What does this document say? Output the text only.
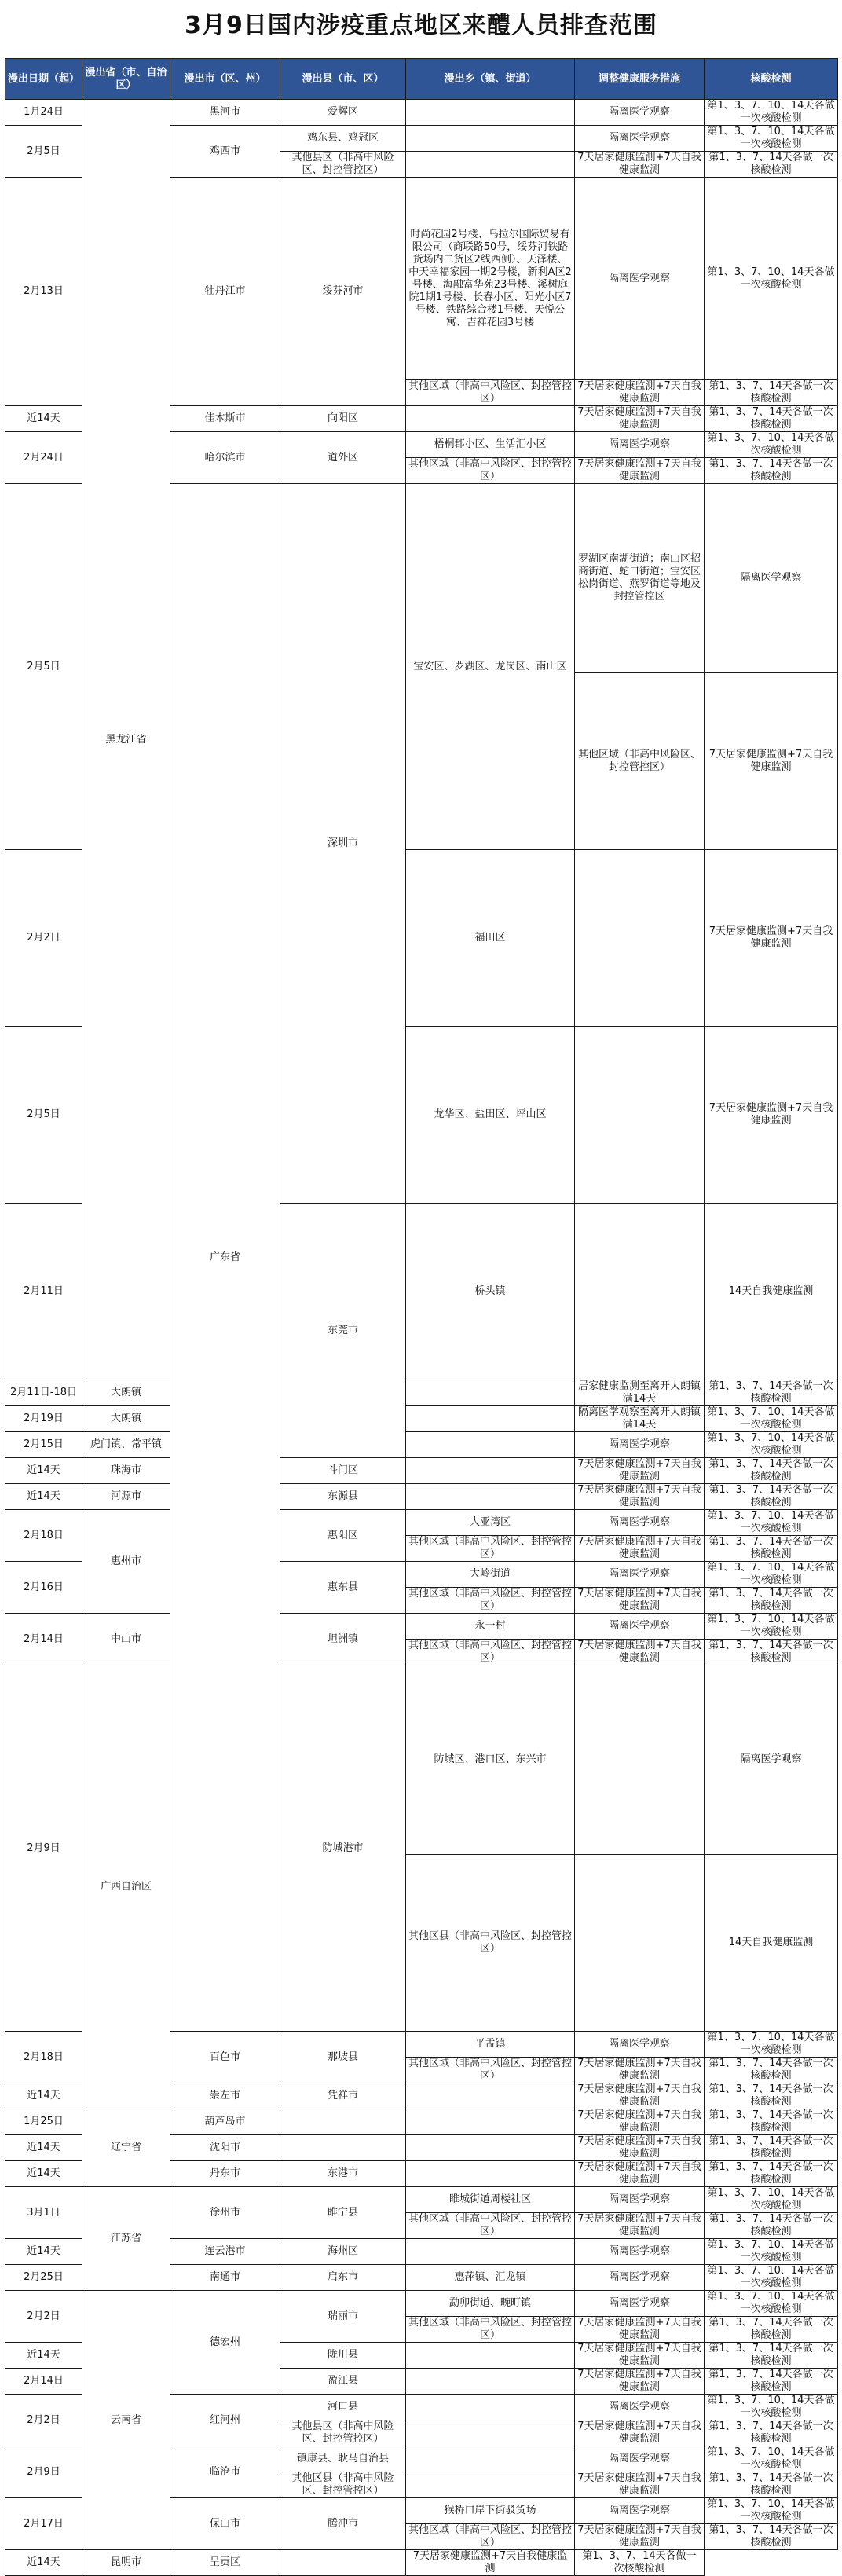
3月9日国内涉疫重点地区来醴人员排查范围
漫出日期（起）	漫出省（市、自治区）	漫出市（区、州）	漫出县（市、区）	漫出乡（镇、街道）	调整健康服务措施	核酸检测	
1月24日	黑龙江省	黑河市	爱辉区		隔离医学观察	第1、3、7、10、14天各做一次核酸检测	
2月5日		鸡西市	鸡东县、鸡冠区		隔离医学观察	第1、3、7、10、14天各做一次核酸检测	
			其他县区（非高中风险区、封控管控区）		7天居家健康监测+7天自我健康监测	第1、3、7、14天各做一次核酸检测	
2月13日		牡丹江市	绥芬河市	时尚花园2号楼、乌拉尔国际贸易有限公司（商联路50号，绥芬河铁路货场内二货区2线西侧）、天泽楼、中天幸福家园一期2号楼，新利A区2号楼、海融富华苑23号楼、溪树庭院1期1号楼、长春小区、阳光小区7号楼、铁路综合楼1号楼、天悦公寓、吉祥花园3号楼	隔离医学观察	第1、3、7、10、14天各做一次核酸检测	
				其他区域（非高中风险区、封控管控区）	7天居家健康监测+7天自我健康监测	第1、3、7、14天各做一次核酸检测	
近14天		佳木斯市	向阳区		7天居家健康监测+7天自我健康监测	第1、3、7、14天各做一次核酸检测	
2月24日		哈尔滨市	道外区	梧桐郡小区、生活汇小区	隔离医学观察	第1、3、7、10、14天各做一次核酸检测	
				其他区域（非高中风险区、封控管控区）	7天居家健康监测+7天自我健康监测	第1、3、7、14天各做一次核酸检测	
2月5日		广东省	深圳市	宝安区、罗湖区、龙岗区、南山区	罗湖区南湖街道；南山区招商街道、蛇口街道；宝安区松岗街道、燕罗街道等地及封控管控区	隔离医学观察	
					其他区域（非高中风险区、封控管控区）	7天居家健康监测+7天自我健康监测	
2月2日				福田区		7天居家健康监测+7天自我健康监测	
2月5日				龙华区、盐田区、坪山区		7天居家健康监测+7天自我健康监测	
2月11日			东莞市	桥头镇		14天自我健康监测	
2月11日-18日	大朗镇				居家健康监测至离开大朗镇满14天	第1、3、7、14天各做一次核酸检测	
2月19日	大朗镇				隔离医学观察至离开大朗镇满14天	第1、3、7、10、14天各做一次核酸检测	
2月15日	虎门镇、常平镇				隔离医学观察	第1、3、7、10、14天各做一次核酸检测	
近14天	珠海市		斗门区		7天居家健康监测+7天自我健康监测	第1、3、7、14天各做一次核酸检测	
近14天	河源市		东源县		7天居家健康监测+7天自我健康监测	第1、3、7、14天各做一次核酸检测	
2月18日	惠州市		惠阳区	大亚湾区	隔离医学观察	第1、3、7、10、14天各做一次核酸检测	
				其他区域（非高中风险区、封控管控区）	7天居家健康监测+7天自我健康监测	第1、3、7、14天各做一次核酸检测	
2月16日			惠东县	大岭街道	隔离医学观察	第1、3、7、10、14天各做一次核酸检测	
				其他区域（非高中风险区、封控管控区）	7天居家健康监测+7天自我健康监测	第1、3、7、14天各做一次核酸检测	
2月14日	中山市		坦洲镇	永一村	隔离医学观察	第1、3、7、10、14天各做一次核酸检测	
				其他区域（非高中风险区、封控管控区）	7天居家健康监测+7天自我健康监测	第1、3、7、14天各做一次核酸检测	
2月9日	广西自治区		防城港市	防城区、港口区、东兴市		隔离医学观察	
				其他区县（非高中风险区、封控管控区）		14天自我健康监测	
2月18日		百色市	那坡县	平孟镇	隔离医学观察	第1、3、7、10、14天各做一次核酸检测	
				其他区域（非高中风险区、封控管控区）	7天居家健康监测+7天自我健康监测	第1、3、7、14天各做一次核酸检测	
近14天		崇左市	凭祥市		7天居家健康监测+7天自我健康监测	第1、3、7、14天各做一次核酸检测	
1月25日	辽宁省	葫芦岛市			7天居家健康监测+7天自我健康监测	第1、3、7、14天各做一次核酸检测	
近14天		沈阳市			7天居家健康监测+7天自我健康监测	第1、3、7、14天各做一次核酸检测	
近14天		丹东市	东港市		7天居家健康监测+7天自我健康监测	第1、3、7、14天各做一次核酸检测	
3月1日	江苏省	徐州市	睢宁县	睢城街道周楼社区	隔离医学观察	第1、3、7、10、14天各做一次核酸检测	
				其他区域（非高中风险区、封控管控区）	7天居家健康监测+7天自我健康监测	第1、3、7、14天各做一次核酸检测	
近14天		连云港市	海州区		隔离医学观察	第1、3、7、10、14天各做一次核酸检测	
2月25日		南通市	启东市	惠萍镇、汇龙镇	隔离医学观察	第1、3、7、10、14天各做一次核酸检测	
2月2日	云南省	德宏州	瑞丽市	勐卯街道、畹町镇	隔离医学观察	第1、3、7、10、14天各做一次核酸检测	
				其他区域（非高中风险区、封控管控区）	7天居家健康监测+7天自我健康监测	第1、3、7、14天各做一次核酸检测	
近14天			陇川县		7天居家健康监测+7天自我健康监测	第1、3、7、14天各做一次核酸检测	
2月14日			盈江县		7天居家健康监测+7天自我健康监测	第1、3、7、14天各做一次核酸检测	
2月2日		红河州	河口县		隔离医学观察	第1、3、7、10、14天各做一次核酸检测	
			其他县区（非高中风险区、封控管控区）		7天居家健康监测+7天自我健康监测	第1、3、7、14天各做一次核酸检测	
2月9日		临沧市	镇康县、耿马自治县		隔离医学观察	第1、3、7、10、14天各做一次核酸检测	
			其他区县（非高中风险区、封控管控区）		7天居家健康监测+7天自我健康监测	第1、3、7、14天各做一次核酸检测	
2月17日		保山市	腾冲市	猴桥口岸下街驳货场	隔离医学观察	第1、3、7、10、14天各做一次核酸检测	
				其他区域（非高中风险区、封控管控区）	7天居家健康监测+7天自我健康监测	第1、3、7、14天各做一次核酸检测	
近14天	昆明市	呈贡区		7天居家健康监测+7天自我健康监测	第1、3、7、14天各做一次核酸检测		
